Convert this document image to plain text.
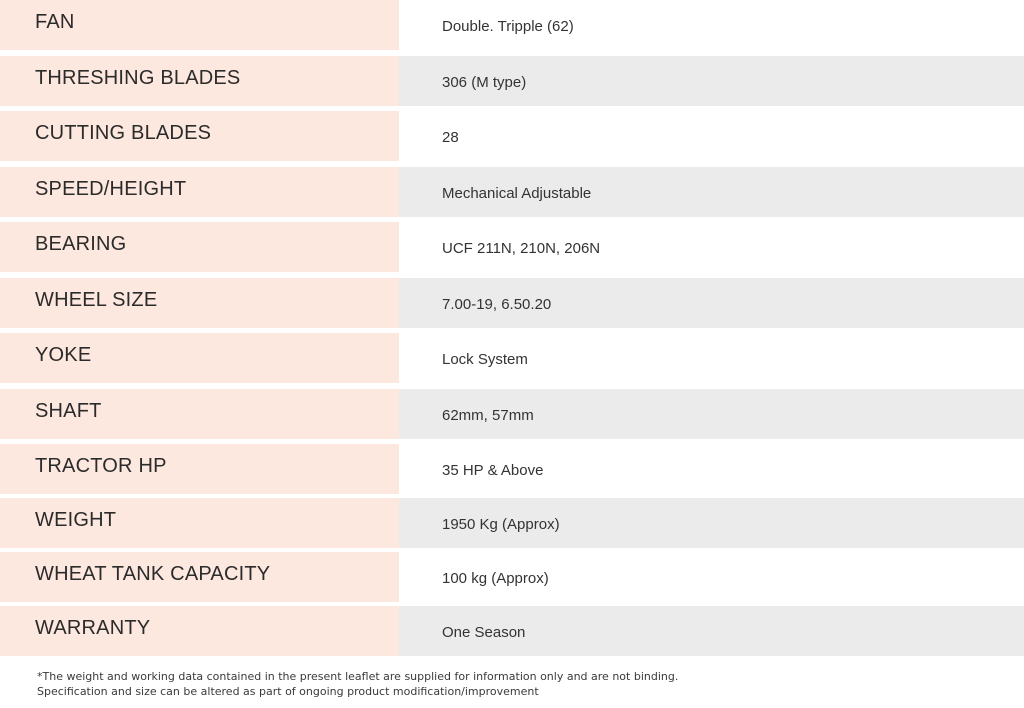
FAN	Double. Tripple (62)
THRESHING BLADES	306 (M type)
CUTTING BLADES	28
SPEED/HEIGHT	Mechanical Adjustable
BEARING	UCF 211N, 210N, 206N
WHEEL SIZE	7.00-19, 6.50.20
YOKE	Lock System
SHAFT	62mm, 57mm
TRACTOR HP	35 HP & Above
WEIGHT	1950 Kg (Approx)
WHEAT TANK CAPACITY	100 kg (Approx)
WARRANTY	One Season
*The weight and working data contained in the present leaflet are supplied for information only and are not binding.
Specification and size can be altered as part of ongoing product modification/improvement
